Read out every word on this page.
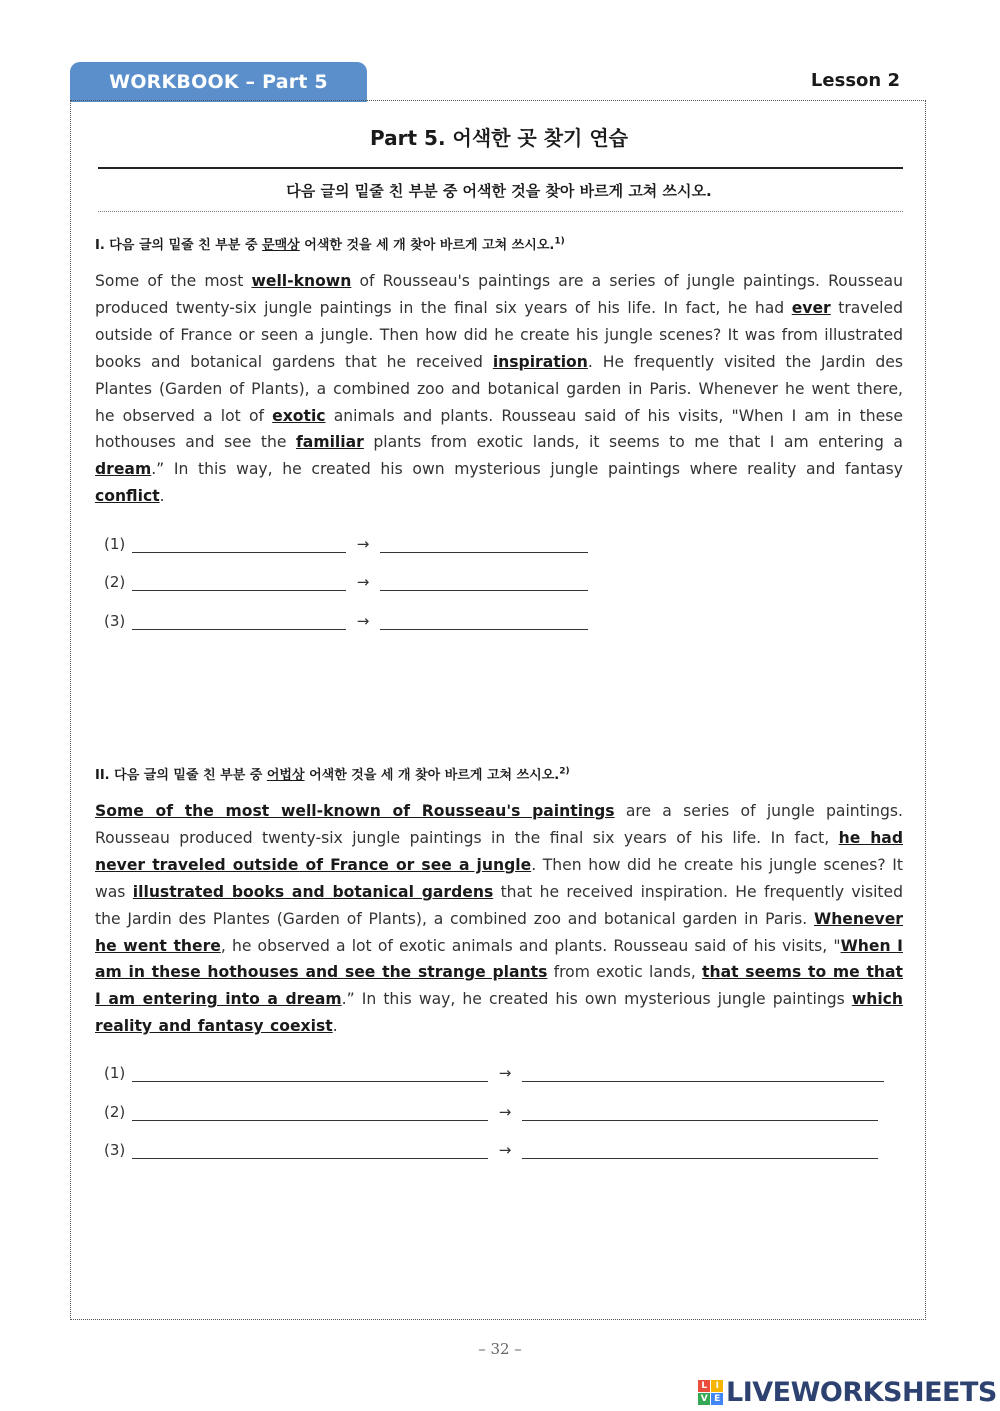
WORKBOOK – Part 5	Lesson 2
Part 5. 어색한 곳 찾기 연습
다음 글의 밑줄 친 부분 중 어색한 것을 찾아 바르게 고쳐 쓰시오.
I. 다음 글의 밑줄 친 부분 중 문맥상 어색한 것을 세 개 찾아 바르게 고쳐 쓰시오.$^{1)}$
Some of the most well-known of Rousseau's paintings are a series of jungle paintings. Rousseau produced twenty-six jungle paintings in the final six years of his life. In fact, he had ever traveled outside of France or seen a jungle. Then how did he create his jungle scenes? It was from illustrated books and botanical gardens that he received inspiration. He frequently visited the Jardin des Plantes (Garden of Plants), a combined zoo and botanical garden in Paris. Whenever he went there, he observed a lot of exotic animals and plants. Rousseau said of his visits, "When I am in these hothouses and see the familiar plants from exotic lands, it seems to me that I am entering a dream.” In this way, he created his own mysterious jungle paintings where reality and fantasy conflict.
(1)	→
(2)	→
(3)	→
II. 다음 글의 밑줄 친 부분 중 어법상 어색한 것을 세 개 찾아 바르게 고쳐 쓰시오.$^{2)}$
Some of the most well-known of Rousseau's paintings are a series of jungle paintings. Rousseau produced twenty-six jungle paintings in the final six years of his life. In fact, he had never traveled outside of France or see a jungle. Then how did he create his jungle scenes? It was illustrated books and botanical gardens that he received inspiration. He frequently visited the Jardin des Plantes (Garden of Plants), a combined zoo and botanical garden in Paris. Whenever he went there, he observed a lot of exotic animals and plants. Rousseau said of his visits, "When I am in these hothouses and see the strange plants from exotic lands, that seems to me that I am entering into a dream.” In this way, he created his own mysterious jungle paintings which reality and fantasy coexist.
(1)	→
(2)	→
(3)	→
– 32 –
L I
V E LIVEWORKSHEETS
